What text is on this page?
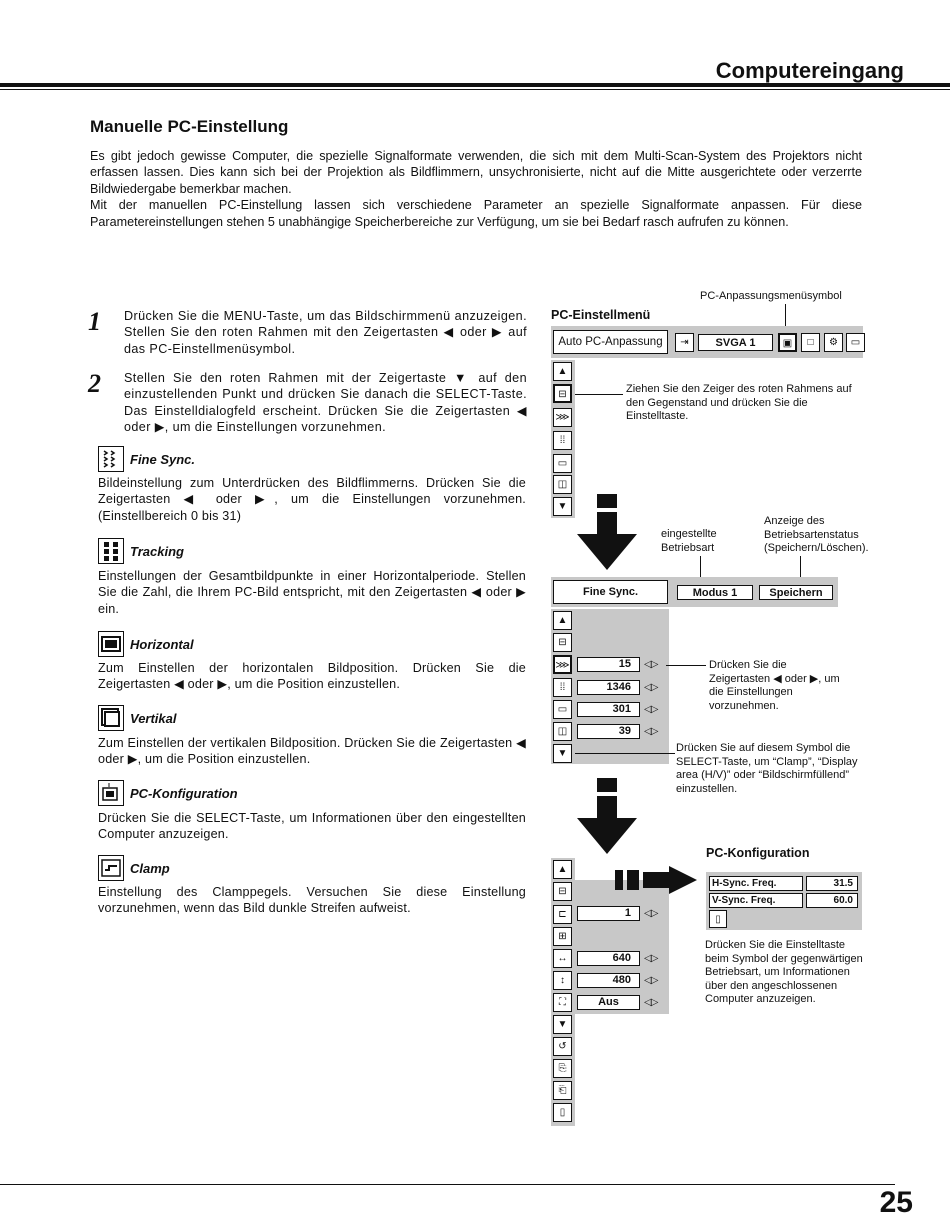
Computereingang
Manuelle PC-Einstellung

Es gibt jedoch gewisse Computer, die spezielle Signalformate verwenden, die sich mit dem Multi-Scan-System des Projektors nicht erfassen lassen. Dies kann sich bei der Projektion als Bildflimmern, unsychronisierte, nicht auf die Mitte ausgerichtete oder verzerrte Bildwiedergabe bemerkbar machen.

Mit der manuellen PC-Einstellung lassen sich verschiedene Parameter an spezielle Signalformate anpassen. Für diese Parametereinstellungen stehen 5 unabhängige Speicherbereiche zur Verfügung, um sie bei Bedarf rasch aufrufen zu können.

1 Drücken Sie die MENU-Taste, um das Bildschirmmenü anzuzeigen. Stellen Sie den roten Rahmen mit den Zeigertasten ◀ oder ▶ auf das PC-Einstellmenüsymbol.
2 Stellen Sie den roten Rahmen mit der Zeigertaste ▼ auf den einzustellenden Punkt und drücken Sie danach die SELECT-Taste. Das Einstelldialogfeld erscheint. Drücken Sie die Zeigertasten ◀ oder ▶, um die Einstellungen vorzunehmen.
Fine Sync.
Bildeinstellung zum Unterdrücken des Bildflimmerns. Drücken Sie die Zeigertasten ◀ oder ▶, um die Einstellungen vorzunehmen. (Einstellbereich 0 bis 31)
Tracking
Einstellungen der Gesamtbildpunkte in einer Horizontalperiode. Stellen Sie die Zahl, die Ihrem PC-Bild entspricht, mit den Zeigertasten ◀ oder ▶ ein.
Horizontal
Zum Einstellen der horizontalen Bildposition. Drücken Sie die Zeigertasten ◀ oder ▶, um die Position einzustellen.
Vertikal
Zum Einstellen der vertikalen Bildposition. Drücken Sie die Zeigertasten ◀ oder ▶, um die Position einzustellen.
PC-Konfiguration
Drücken Sie die SELECT-Taste, um Informationen über den eingestellten Computer anzuzeigen.
Clamp
Einstellung des Clamppegels. Versuchen Sie diese Einstellung vorzunehmen, wenn das Bild dunkle Streifen aufweist.
PC-Anpassungsmenüsymbol
PC-Einstellmenü
Auto PC-Anpassung	⇥	SVGA 1	▣	□	⚙	▭
▲
⊟
⋙
⁞⁞
▭
◫
▼
Ziehen Sie den Zeiger des roten Rahmens auf den Gegenstand und drücken Sie die Einstelltaste.
eingestellte Betriebsart
Anzeige des Betriebsartenstatus (Speichern/Löschen).
Fine Sync.	Modus 1	Speichern
▲
⊟
⋙
⁞⁞
▭
◫
▼
15	◁▷
1346	◁▷
301	◁▷
39	◁▷
Drücken Sie die Zeigertasten ◀ oder ▶, um die Einstellungen vorzunehmen.
Drücken Sie auf diesem Symbol die SELECT-Taste, um “Clamp”, “Display area (H/V)” oder “Bildschirmfüllend” einzustellen.
▲
⊟
⊏
⊞
↔
↕
⛶
▼
↺
⎘
⎗
▯
1	◁▷
640	◁▷
480	◁▷
Aus	◁▷
PC-Konfiguration
H-Sync. Freq.	31.5
V-Sync. Freq.	60.0
▯
Drücken Sie die Einstelltaste beim Symbol der gegenwärtigen Betriebsart, um Informationen über den angeschlossenen Computer anzuzeigen.
25
